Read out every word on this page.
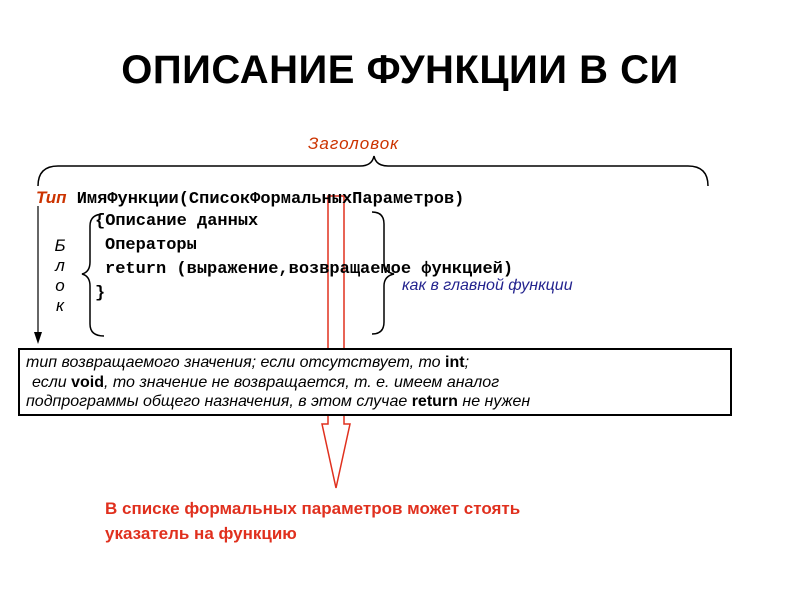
ОПИСАНИЕ ФУНКЦИИ В СИ
Заголовок
Тип ИмяФункции(СписокФормальныхПараметров)
{Описание данных
Операторы
return (выражение,возвращаемое функцией)
}
Б
л
о
к
как в главной функции
тип возвращаемого значения; если отсутствует, то int;
если void, то значение не возвращается, т. е. имеем аналог
подпрограммы общего назначения, в этом случае return не нужен
В списке формальных параметров может стоять
указатель на функцию
